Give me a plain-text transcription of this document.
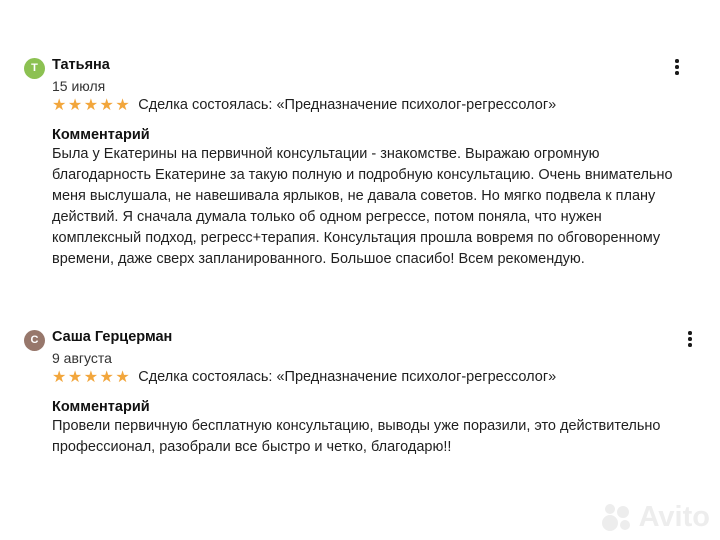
Т Татьяна
15 июля
★★★★★ Сделка состоялась: «Предназначение психолог-регрессолог»
Комментарий

Была у Екатерины на первичной консультации - знакомстве. Выражаю огромную благодарность Екатерине за такую полную и подробную консультацию. Очень внимательно меня выслушала, не навешивала ярлыков, не давала советов. Но мягко подвела к плану действий. Я сначала думала только об одном регрессе, потом поняла, что нужен комплексный подход, регресс+терапия. Консультация прошла вовремя по обговоренному времени, даже сверх запланированного. Большое спасибо! Всем рекомендую.

С Саша Герцерман
9 августа
★★★★★ Сделка состоялась: «Предназначение психолог-регрессолог»
Комментарий

Провели первичную бесплатную консультацию, выводы уже поразили, это действительно профессионал, разобрали все быстро и четко, благодарю!!

Avito
